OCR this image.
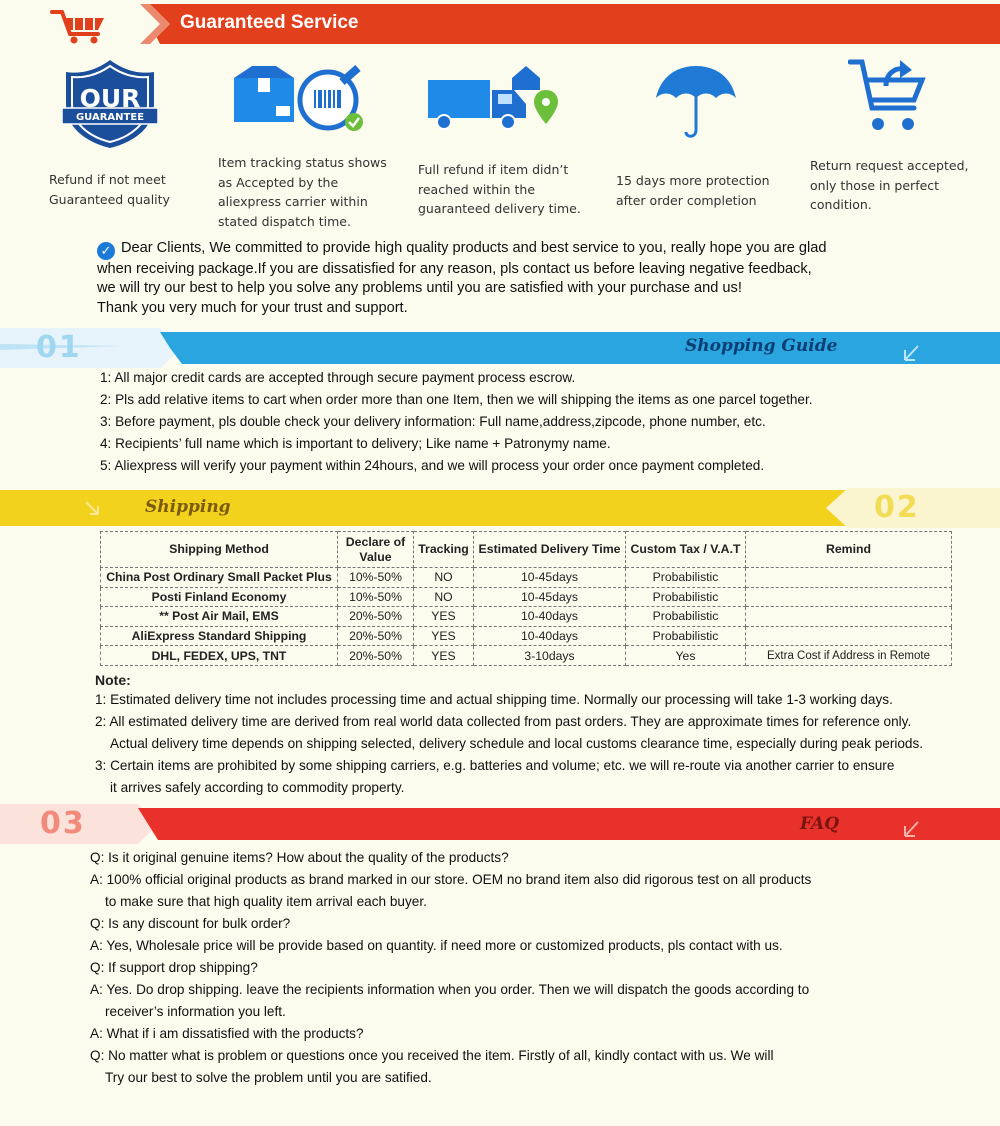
Guaranteed Service
OUR
GUARANTEE
Refund if not meet
Guaranteed quality
Item tracking status shows
as Accepted by the
aliexpress carrier within
stated dispatch time.
Full refund if item didn’t
reached within the
guaranteed delivery time.
15 days more protection
after order completion
Return request accepted,
only those in perfect
condition.
✓ Dear Clients, We committed to provide high quality products and best service to you, really hope you are glad
when receiving package.If you are dissatisfied for any reason, pls contact us before leaving negative feedback,
we will try our best to help you solve any problems until you are satisfied with your purchase and us!
Thank you very much for your trust and support.
01	Shopping Guide
1: All major credit cards are accepted through secure payment process escrow.
2: Pls add relative items to cart when order more than one Item, then we will shipping the items as one parcel together.
3: Before payment, pls double check your delivery information: Full name,address,zipcode, phone number, etc.
4: Recipients’ full name which is important to delivery; Like name + Patronymy name.
5: Aliexpress will verify your payment within 24hours, and we will process your order once payment completed.
Shipping	02
Shipping Method	Declare of Value	Tracking	Estimated Delivery Time	Custom Tax / V.A.T	Remind
China Post Ordinary Small Packet Plus	10%-50%	NO	10-45days	Probabilistic	
Posti Finland Economy	10%-50%	NO	10-45days	Probabilistic	
** Post Air Mail, EMS	20%-50%	YES	10-40days	Probabilistic	
AliExpress Standard Shipping	20%-50%	YES	10-40days	Probabilistic	
DHL, FEDEX, UPS, TNT	20%-50%	YES	3-10days	Yes	Extra Cost if Address in Remote
Note:
1: Estimated delivery time not includes processing time and actual shipping time. Normally our processing will take 1-3 working days.
2: All estimated delivery time are derived from real world data collected from past orders. They are approximate times for reference only.
Actual delivery time depends on shipping selected, delivery schedule and local customs clearance time, especially during peak periods.
3: Certain items are prohibited by some shipping carriers, e.g. batteries and volume; etc. we will re-route via another carrier to ensure
it arrives safely according to commodity property.
03	FAQ
Q: Is it original genuine items? How about the quality of the products?
A: 100% official original products as brand marked in our store. OEM no brand item also did rigorous test on all products
to make sure that high quality item arrival each buyer.
Q: Is any discount for bulk order?
A: Yes, Wholesale price will be provide based on quantity. if need more or customized products, pls contact with us.
Q: If support drop shipping?
A: Yes. Do drop shipping. leave the recipients information when you order. Then we will dispatch the goods according to
receiver’s information you left.
A: What if i am dissatisfied with the products?
Q: No matter what is problem or questions once you received the item. Firstly of all, kindly contact with us. We will
Try our best to solve the problem until you are satified.
